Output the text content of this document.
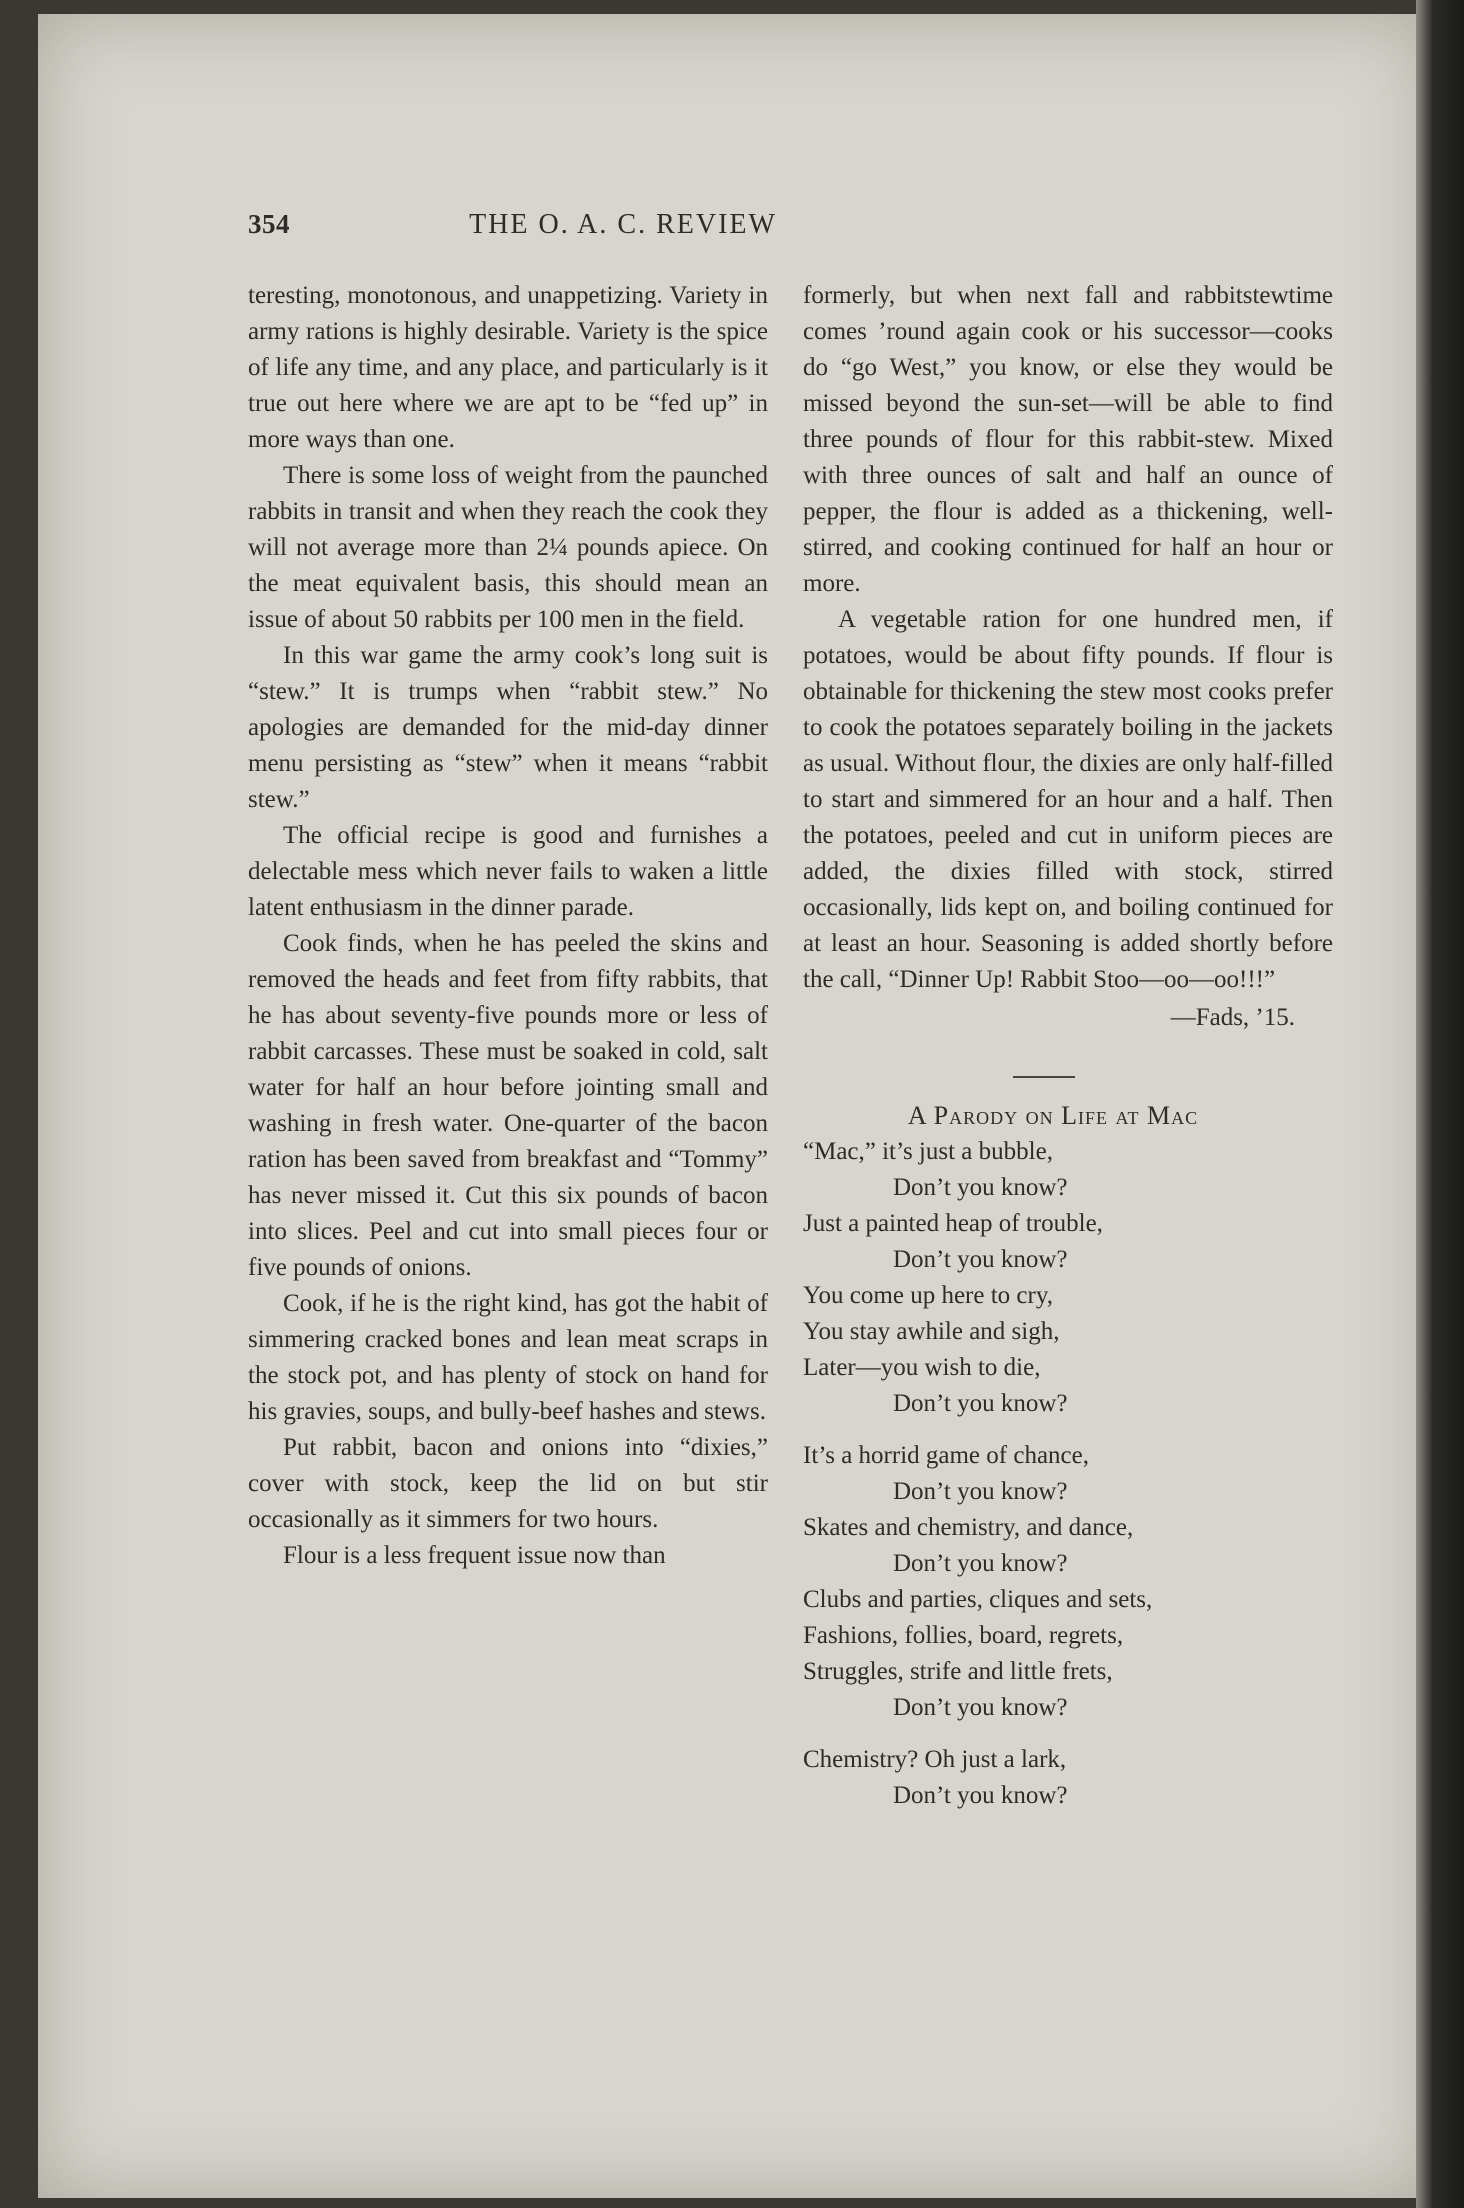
354	THE O. A. C. REVIEW

teresting, monotonous, and unappetizing. Variety in army rations is highly desirable. Variety is the spice of life any time, and any place, and particularly is it true out here where we are apt to be “fed up” in more ways than one.

There is some loss of weight from the paunched rabbits in transit and when they reach the cook they will not average more than 2¼ pounds apiece. On the meat equivalent basis, this should mean an issue of about 50 rabbits per 100 men in the field.

In this war game the army cook’s long suit is “stew.” It is trumps when “rabbit stew.” No apologies are demanded for the mid-day dinner menu persisting as “stew” when it means “rabbit stew.”

The official recipe is good and furnishes a delectable mess which never fails to waken a little latent enthusiasm in the dinner parade.

Cook finds, when he has peeled the skins and removed the heads and feet from fifty rabbits, that he has about seventy-five pounds more or less of rabbit carcasses. These must be soaked in cold, salt water for half an hour before jointing small and washing in fresh water. One-quarter of the bacon ration has been saved from breakfast and “Tommy” has never missed it. Cut this six pounds of bacon into slices. Peel and cut into small pieces four or five pounds of onions.

Cook, if he is the right kind, has got the habit of simmering cracked bones and lean meat scraps in the stock pot, and has plenty of stock on hand for his gravies, soups, and bully-beef hashes and stews.

Put rabbit, bacon and onions into “dixies,” cover with stock, keep the lid on but stir occasionally as it simmers for two hours.

Flour is a less frequent issue now than

formerly, but when next fall and rabbitstewtime comes ’round again cook or his successor—cooks do “go West,” you know, or else they would be missed beyond the sun-set—will be able to find three pounds of flour for this rabbit-stew. Mixed with three ounces of salt and half an ounce of pepper, the flour is added as a thickening, well-stirred, and cooking continued for half an hour or more.

A vegetable ration for one hundred men, if potatoes, would be about fifty pounds. If flour is obtainable for thickening the stew most cooks prefer to cook the potatoes separately boiling in the jackets as usual. Without flour, the dixies are only half-filled to start and simmered for an hour and a half. Then the potatoes, peeled and cut in uniform pieces are added, the dixies filled with stock, stirred occasionally, lids kept on, and boiling continued for at least an hour. Seasoning is added shortly before the call, “Dinner Up! Rabbit Stoo—oo—oo!!!”

—Fads, ’15.
A Parody on Life at Mac
“Mac,” it’s just a bubble,
Don’t you know?
Just a painted heap of trouble,
Don’t you know?
You come up here to cry,
You stay awhile and sigh,
Later—you wish to die,
Don’t you know?
It’s a horrid game of chance,
Don’t you know?
Skates and chemistry, and dance,
Don’t you know?
Clubs and parties, cliques and sets,
Fashions, follies, board, regrets,
Struggles, strife and little frets,
Don’t you know?
Chemistry? Oh just a lark,
Don’t you know?
